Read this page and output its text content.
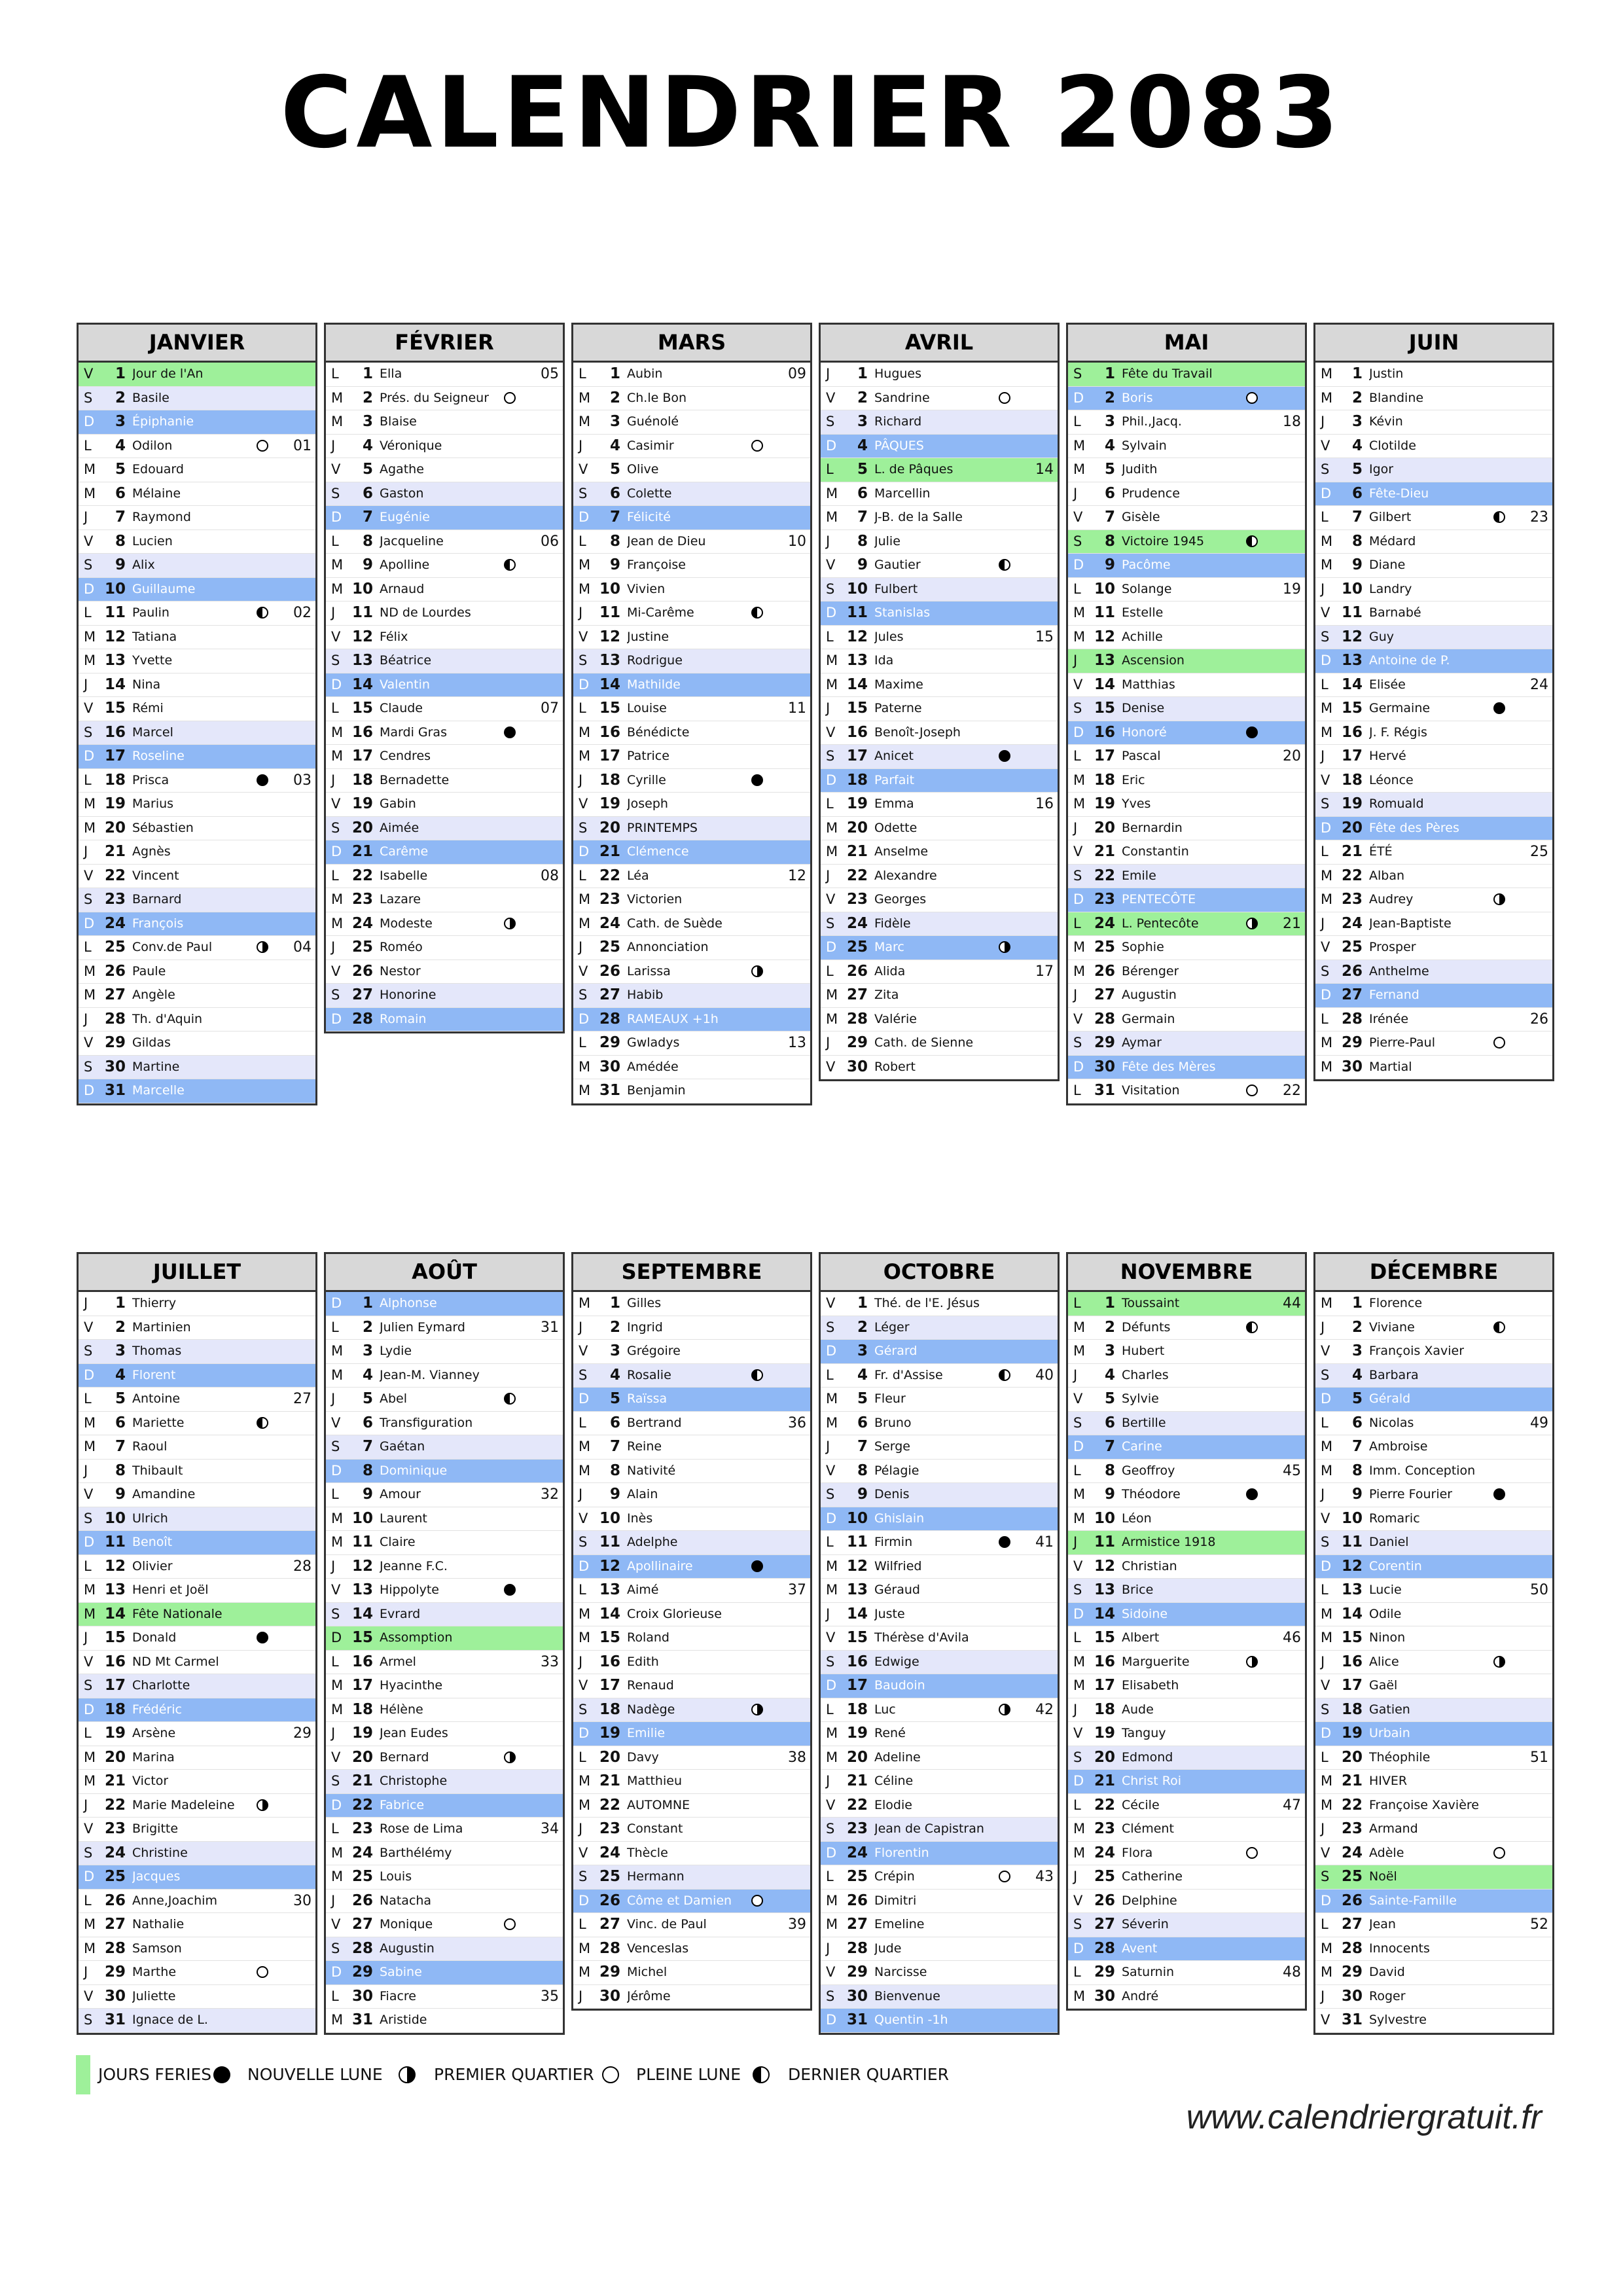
CALENDRIER 2083
JANVIER
V	1 Jour de l'An
S	2 Basile
D	3 Épiphanie
L	4 Odilon	01
M	5 Edouard
M	6 Mélaine
J	7 Raymond
V	8 Lucien
S	9 Alix
D 10 Guillaume
L 11 Paulin	02
M 12 Tatiana
M 13 Yvette
J	14 Nina
V 15 Rémi
S 16 Marcel
D 17 Roseline
L 18 Prisca	03
M 19 Marius
M 20 Sébastien
J	21 Agnès
V 22 Vincent
S 23 Barnard
D 24 François
L 25 Conv.de Paul	04
M 26 Paule
M 27 Angèle
J	28 Th. d'Aquin
V 29 Gildas
S 30 Martine
D 31 Marcelle
FÉVRIER
L	1 Ella	05
M	2 Prés. du Seigneur
M	3 Blaise
J	4 Véronique
V	5 Agathe
S	6 Gaston
D	7 Eugénie
L	8 Jacqueline	06
M	9 Apolline
M 10 Arnaud
J	11 ND de Lourdes
V 12 Félix
S 13 Béatrice
D 14 Valentin
L 15 Claude	07
M 16 Mardi Gras
M 17 Cendres
J	18 Bernadette
V 19 Gabin
S 20 Aimée
D 21 Carême
L 22 Isabelle	08
M 23 Lazare
M 24 Modeste
J	25 Roméo
V 26 Nestor
S 27 Honorine
D 28 Romain
MARS
L	1 Aubin	09
M	2 Ch.le Bon
M	3 Guénolé
J	4 Casimir
V	5 Olive
S	6 Colette
D	7 Félicité
L	8 Jean de Dieu	10
M	9 Françoise
M 10 Vivien
J	11 Mi-Carême
V 12 Justine
S 13 Rodrigue
D 14 Mathilde
L 15 Louise	11
M 16 Bénédicte
M 17 Patrice
J	18 Cyrille
V 19 Joseph
S 20 PRINTEMPS
D 21 Clémence
L 22 Léa	12
M 23 Victorien
M 24 Cath. de Suède
J	25 Annonciation
V 26 Larissa
S 27 Habib
D 28 RAMEAUX +1h
L 29 Gwladys	13
M 30 Amédée
M 31 Benjamin
AVRIL
J	1 Hugues
V	2 Sandrine
S	3 Richard
D	4 PÂQUES
L	5 L. de Pâques	14
M	6 Marcellin
M	7 J-B. de la Salle
J	8 Julie
V	9 Gautier
S 10 Fulbert
D 11 Stanislas
L 12 Jules	15
M 13 Ida
M 14 Maxime
J	15 Paterne
V 16 Benoît-Joseph
S 17 Anicet
D 18 Parfait
L 19 Emma	16
M 20 Odette
M 21 Anselme
J	22 Alexandre
V 23 Georges
S 24 Fidèle
D 25 Marc
L 26 Alida	17
M 27 Zita
M 28 Valérie
J	29 Cath. de Sienne
V 30 Robert
MAI
S	1 Fête du Travail
D	2 Boris
L	3 Phil.,Jacq.	18
M	4 Sylvain
M	5 Judith
J	6 Prudence
V	7 Gisèle
S	8 Victoire 1945
D	9 Pacôme
L 10 Solange	19
M 11 Estelle
M 12 Achille
J	13 Ascension
V 14 Matthias
S 15 Denise
D 16 Honoré
L 17 Pascal	20
M 18 Eric
M 19 Yves
J	20 Bernardin
V 21 Constantin
S 22 Emile
D 23 PENTECÔTE
L 24 L. Pentecôte	21
M 25 Sophie
M 26 Bérenger
J	27 Augustin
V 28 Germain
S 29 Aymar
D 30 Fête des Mères
L 31 Visitation	22
JUIN
M	1 Justin
M	2 Blandine
J	3 Kévin
V	4 Clotilde
S	5 Igor
D	6 Fête-Dieu
L	7 Gilbert	23
M	8 Médard
M	9 Diane
J	10 Landry
V 11 Barnabé
S 12 Guy
D 13 Antoine de P.
L 14 Elisée	24
M 15 Germaine
M 16 J. F. Régis
J	17 Hervé
V 18 Léonce
S 19 Romuald
D 20 Fête des Pères
L 21 ÉTÉ	25
M 22 Alban
M 23 Audrey
J	24 Jean-Baptiste
V 25 Prosper
S 26 Anthelme
D 27 Fernand
L 28 Irénée	26
M 29 Pierre-Paul
M 30 Martial
JUILLET
J	1 Thierry
V	2 Martinien
S	3 Thomas
D	4 Florent
L	5 Antoine	27
M	6 Mariette
M	7 Raoul
J	8 Thibault
V	9 Amandine
S 10 Ulrich
D 11 Benoît
L 12 Olivier	28
M 13 Henri et Joël
M 14 Fête Nationale
J	15 Donald
V 16 ND Mt Carmel
S 17 Charlotte
D 18 Frédéric
L 19 Arsène	29
M 20 Marina
M 21 Victor
J	22 Marie Madeleine
V 23 Brigitte
S 24 Christine
D 25 Jacques
L 26 Anne,Joachim	30
M 27 Nathalie
M 28 Samson
J	29 Marthe
V 30 Juliette
S 31 Ignace de L.
AOÛT
D	1 Alphonse
L	2 Julien Eymard	31
M	3 Lydie
M	4 Jean-M. Vianney
J	5 Abel
V	6 Transfiguration
S	7 Gaétan
D	8 Dominique
L	9 Amour	32
M 10 Laurent
M 11 Claire
J	12 Jeanne F.C.
V 13 Hippolyte
S 14 Evrard
D 15 Assomption
L 16 Armel	33
M 17 Hyacinthe
M 18 Hélène
J	19 Jean Eudes
V 20 Bernard
S 21 Christophe
D 22 Fabrice
L 23 Rose de Lima	34
M 24 Barthélémy
M 25 Louis
J	26 Natacha
V 27 Monique
S 28 Augustin
D 29 Sabine
L 30 Fiacre	35
M 31 Aristide
SEPTEMBRE
M	1 Gilles
J	2 Ingrid
V	3 Grégoire
S	4 Rosalie
D	5 Raïssa
L	6 Bertrand	36
M	7 Reine
M	8 Nativité
J	9 Alain
V 10 Inès
S 11 Adelphe
D 12 Apollinaire
L 13 Aimé	37
M 14 Croix Glorieuse
M 15 Roland
J	16 Edith
V 17 Renaud
S 18 Nadège
D 19 Emilie
L 20 Davy	38
M 21 Matthieu
M 22 AUTOMNE
J	23 Constant
V 24 Thècle
S 25 Hermann
D 26 Côme et Damien
L 27 Vinc. de Paul	39
M 28 Venceslas
M 29 Michel
J	30 Jérôme
OCTOBRE
V	1 Thé. de l'E. Jésus
S	2 Léger
D	3 Gérard
L	4 Fr. d'Assise	40
M	5 Fleur
M	6 Bruno
J	7 Serge
V	8 Pélagie
S	9 Denis
D 10 Ghislain
L 11 Firmin	41
M 12 Wilfried
M 13 Géraud
J	14 Juste
V 15 Thérèse d'Avila
S 16 Edwige
D 17 Baudoin
L 18 Luc	42
M 19 René
M 20 Adeline
J	21 Céline
V 22 Elodie
S 23 Jean de Capistran
D 24 Florentin
L 25 Crépin	43
M 26 Dimitri
M 27 Emeline
J	28 Jude
V 29 Narcisse
S 30 Bienvenue
D 31 Quentin -1h
NOVEMBRE
L	1 Toussaint	44
M	2 Défunts
M	3 Hubert
J	4 Charles
V	5 Sylvie
S	6 Bertille
D	7 Carine
L	8 Geoffroy	45
M	9 Théodore
M 10 Léon
J	11 Armistice 1918
V 12 Christian
S 13 Brice
D 14 Sidoine
L 15 Albert	46
M 16 Marguerite
M 17 Elisabeth
J	18 Aude
V 19 Tanguy
S 20 Edmond
D 21 Christ Roi
L 22 Cécile	47
M 23 Clément
M 24 Flora
J	25 Catherine
V 26 Delphine
S 27 Séverin
D 28 Avent
L 29 Saturnin	48
M 30 André
DÉCEMBRE
M	1 Florence
J	2 Viviane
V	3 François Xavier
S	4 Barbara
D	5 Gérald
L	6 Nicolas	49
M	7 Ambroise
M	8 Imm. Conception
J	9 Pierre Fourier
V 10 Romaric
S 11 Daniel
D 12 Corentin
L 13 Lucie	50
M 14 Odile
M 15 Ninon
J	16 Alice
V 17 Gaël
S 18 Gatien
D 19 Urbain
L 20 Théophile	51
M 21 HIVER
M 22 Françoise Xavière
J	23 Armand
V 24 Adèle
S 25 Noël
D 26 Sainte-Famille
L 27 Jean	52
M 28 Innocents
M 29 David
J	30 Roger
V 31 Sylvestre
JOURS FERIES NOUVELLE LUNE	PREMIER QUARTIER	PLEINE LUNE	DERNIER QUARTIER
www.calendriergratuit.fr
